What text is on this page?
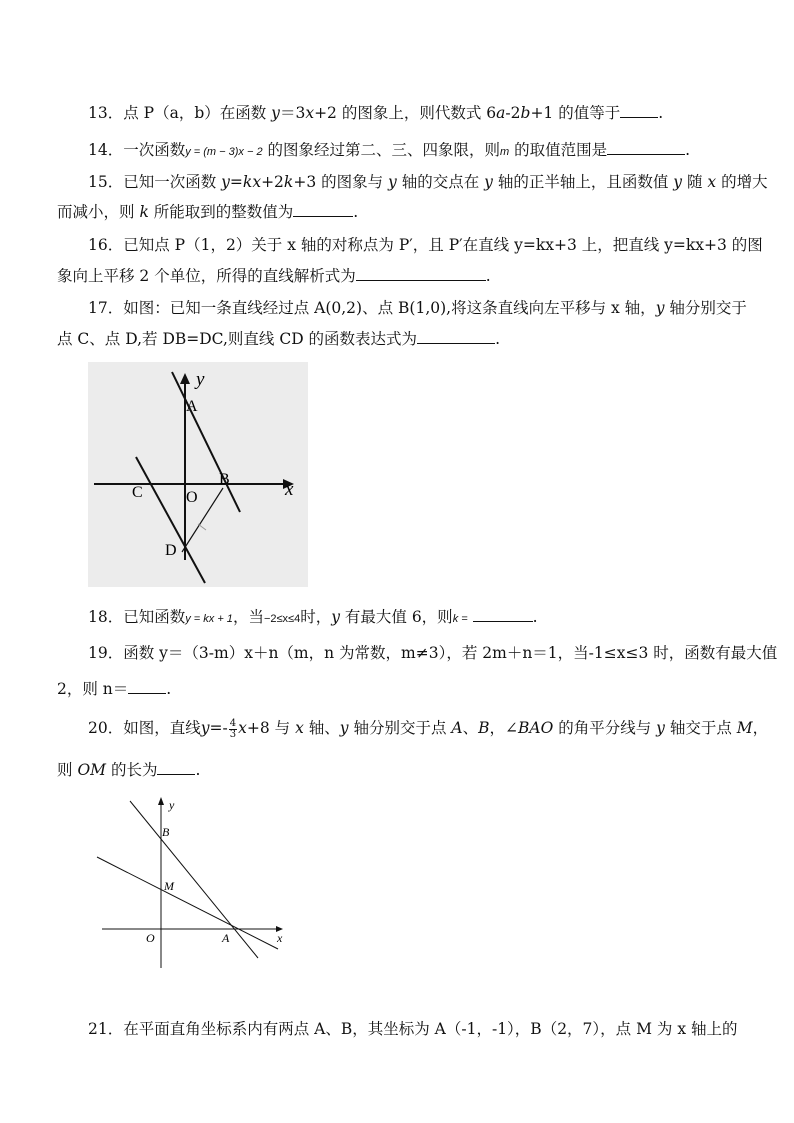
13．点 P（a，b）在函数 y＝3x+2 的图象上，则代数式 6a-2b+1 的值等于 .
14．一次函数y = (m − 3)x − 2 的图象经过第二、三、四象限，则m 的取值范围是	.
15．已知一次函数 y=kx+2k+3 的图象与 y 轴的交点在 y 轴的正半轴上，且函数值 y 随 x 的增大
而减小，则 k 所能取到的整数值为	.
16．已知点 P（1，2）关于 x 轴的对称点为 P′，且 P′在直线 y=kx+3 上，把直线 y=kx+3 的图
象向上平移 2 个单位，所得的直线解析式为	.
17．如图：已知一条直线经过点 A(0,2)、点 B(1,0),将这条直线向左平移与 x 轴，y 轴分别交于
点 C、点 D,若 DB=DC,则直线 CD 的函数表达式为	.
y
x
A
B
C	O
D
18．已知函数y = kx + 1，当−2≤x≤4时，y 有最大值 6，则k =	.
19．函数 y＝（3-m）x＋n（m，n 为常数，m≠3），若 2m＋n＝1，当-1≤x≤3 时，函数有最大值
2，则 n＝ .
20．如图，直线$y=- \frac{4}{3} x+8$ 与 x 轴、y 轴分别交于点 A、B，∠BAO 的角平分线与 y 轴交于点 M，
则 OM 的长为 .
y
x
B
M
O	A
21．在平面直角坐标系内有两点 A、B，其坐标为 A（-1，-1），B（2，7），点 M 为 x 轴上的
